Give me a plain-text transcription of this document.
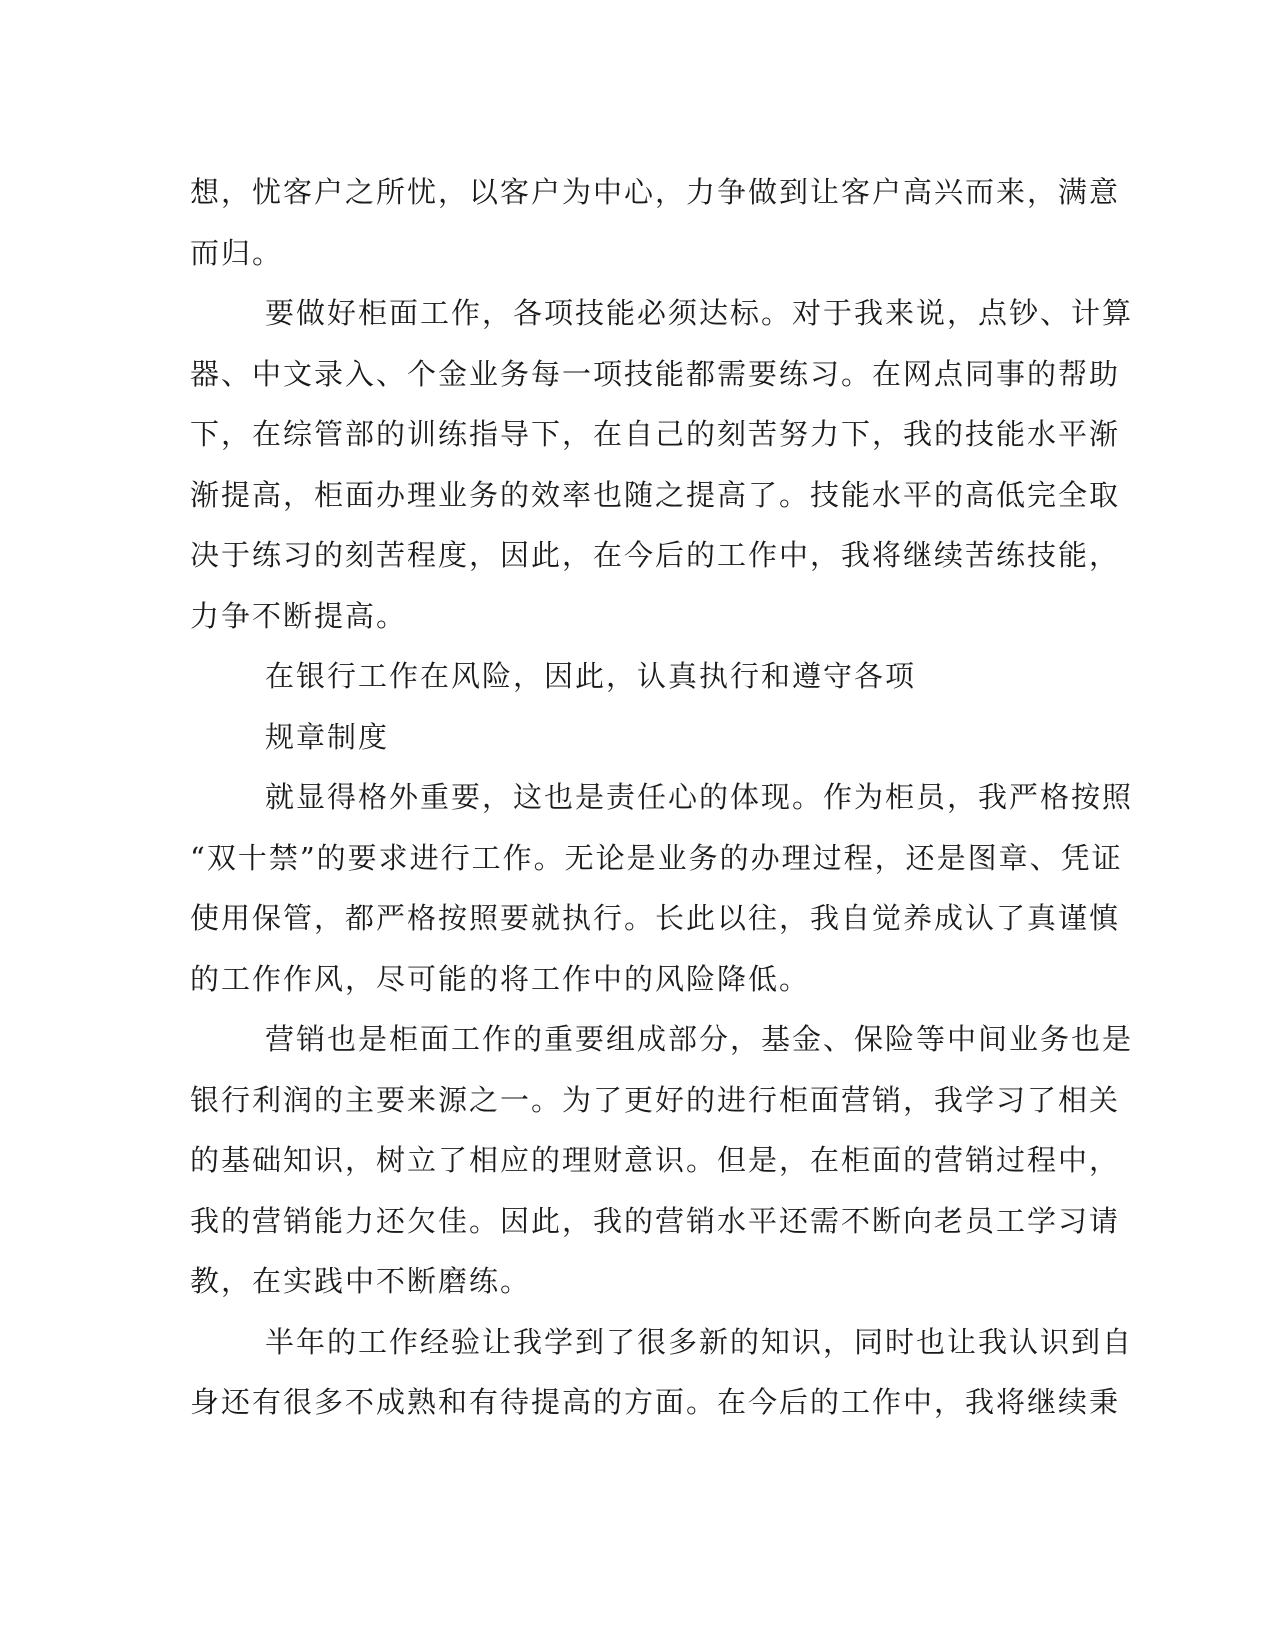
想，忧客户之所忧，以客户为中心，力争做到让客户高兴而来，满意
而归。
要做好柜面工作，各项技能必须达标。对于我来说，点钞、计算
器、中文录入、个金业务每一项技能都需要练习。在网点同事的帮助
下，在综管部的训练指导下，在自己的刻苦努力下，我的技能水平渐
渐提高，柜面办理业务的效率也随之提高了。技能水平的高低完全取
决于练习的刻苦程度，因此，在今后的工作中，我将继续苦练技能，
力争不断提高。
在银行工作在风险，因此，认真执行和遵守各项
规章制度
就显得格外重要，这也是责任心的体现。作为柜员，我严格按照
“双十禁”的要求进行工作。无论是业务的办理过程，还是图章、凭证
使用保管，都严格按照要就执行。长此以往，我自觉养成认了真谨慎
的工作作风，尽可能的将工作中的风险降低。
营销也是柜面工作的重要组成部分，基金、保险等中间业务也是
银行利润的主要来源之一。为了更好的进行柜面营销，我学习了相关
的基础知识，树立了相应的理财意识。但是，在柜面的营销过程中，
我的营销能力还欠佳。因此，我的营销水平还需不断向老员工学习请
教，在实践中不断磨练。
半年的工作经验让我学到了很多新的知识，同时也让我认识到自
身还有很多不成熟和有待提高的方面。在今后的工作中，我将继续秉
